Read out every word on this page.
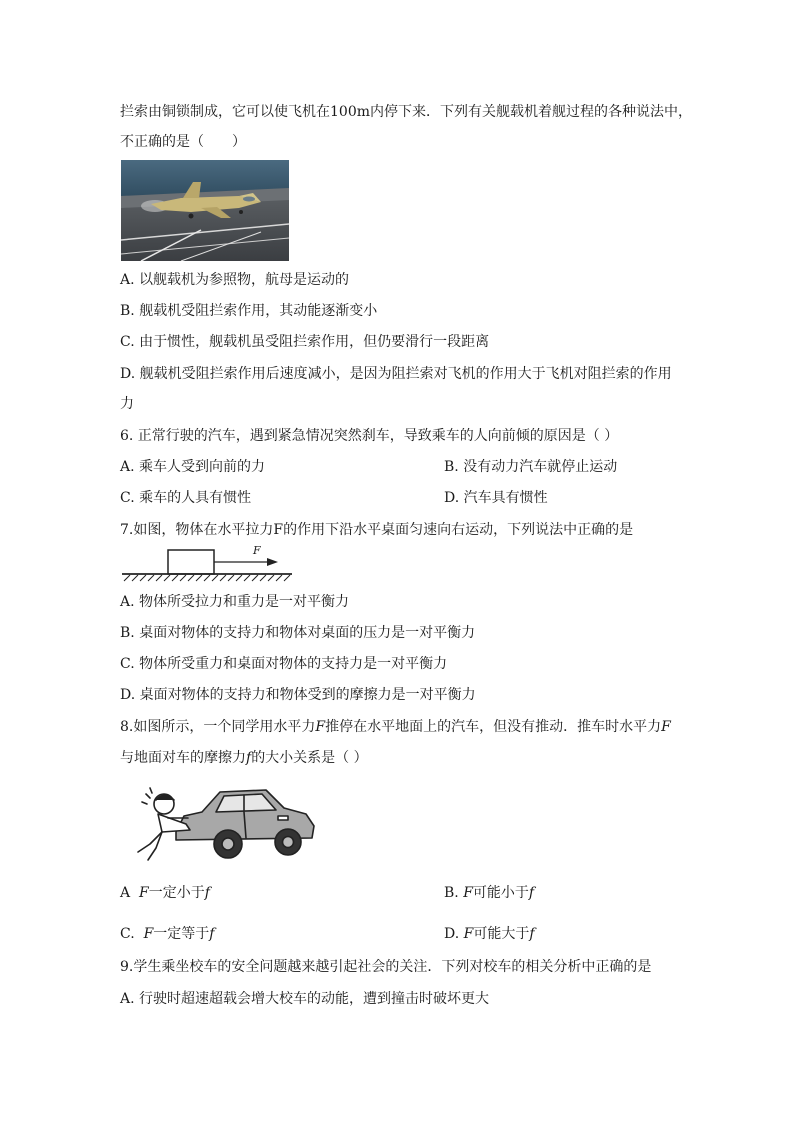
拦索由铜锁制成，它可以使飞机在100m内停下来．下列有关舰载机着舰过程的各种说法中，
不正确的是（　　）
A. 以舰载机为参照物，航母是运动的
B. 舰载机受阻拦索作用，其动能逐渐变小
C. 由于惯性，舰载机虽受阻拦索作用，但仍要滑行一段距离
D. 舰载机受阻拦索作用后速度减小，是因为阻拦索对飞机的作用大于飞机对阻拦索的作用
力
6. 正常行驶的汽车，遇到紧急情况突然刹车，导致乘车的人向前倾的原因是（ ）
A. 乘车人受到向前的力	B. 没有动力汽车就停止运动
C. 乘车的人具有惯性	D. 汽车具有惯性
7.如图，物体在水平拉力F的作用下沿水平桌面匀速向右运动，下列说法中正确的是
F
A. 物体所受拉力和重力是一对平衡力
B. 桌面对物体的支持力和物体对桌面的压力是一对平衡力
C. 物体所受重力和桌面对物体的支持力是一对平衡力
D. 桌面对物体的支持力和物体受到的摩擦力是一对平衡力
8.如图所示，一个同学用水平力F推停在水平地面上的汽车，但没有推动．推车时水平力F
与地面对车的摩擦力f的大小关系是（ ）
A F一定小于f	B. F可能小于f
C. F一定等于f	D. F可能大于f
9.学生乘坐校车的安全问题越来越引起社会的关注．下列对校车的相关分析中正确的是
A. 行驶时超速超载会增大校车的动能，遭到撞击时破坏更大
